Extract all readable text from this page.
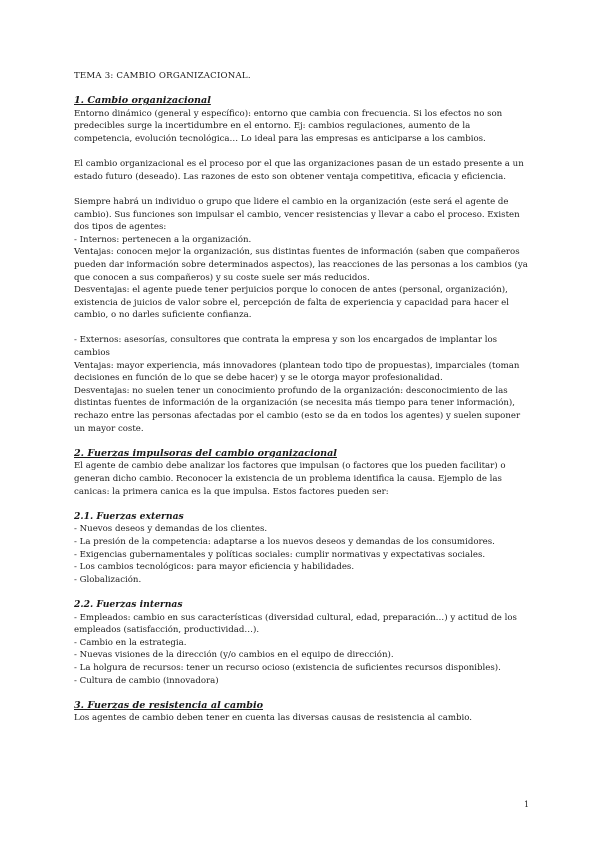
TEMA 3: CAMBIO ORGANIZACIONAL.

1. Cambio organizacional

Entorno dinámico (general y específico): entorno que cambia con frecuencia. Si los efectos no son predecibles surge la incertidumbre en el entorno. Ej: cambios regulaciones, aumento de la competencia, evolución tecnológica… Lo ideal para las empresas es anticiparse a los cambios.

El cambio organizacional es el proceso por el que las organizaciones pasan de un estado presente a un estado futuro (deseado). Las razones de esto son obtener ventaja competitiva, eficacia y eficiencia.

Siempre habrá un individuo o grupo que lidere el cambio en la organización (este será el agente de cambio). Sus funciones son impulsar el cambio, vencer resistencias y llevar a cabo el proceso. Existen dos tipos de agentes:

- Internos: pertenecen a la organización.

Ventajas: conocen mejor la organización, sus distintas fuentes de información (saben que compañeros pueden dar información sobre determinados aspectos), las reacciones de las personas a los cambios (ya que conocen a sus compañeros) y su coste suele ser más reducidos.

Desventajas: el agente puede tener perjuicios porque lo conocen de antes (personal, organización), existencia de juicios de valor sobre el, percepción de falta de experiencia y capacidad para hacer el cambio, o no darles suficiente confianza.

- Externos: asesorías, consultores que contrata la empresa y son los encargados de implantar los cambios

Ventajas: mayor experiencia, más innovadores (plantean todo tipo de propuestas), imparciales (toman decisiones en función de lo que se debe hacer) y se le otorga mayor profesionalidad.

Desventajas: no suelen tener un conocimiento profundo de la organización: desconocimiento de las distintas fuentes de información de la organización (se necesita más tiempo para tener información), rechazo entre las personas afectadas por el cambio (esto se da en todos los agentes) y suelen suponer un mayor coste.

2. Fuerzas impulsoras del cambio organizacional

El agente de cambio debe analizar los factores que impulsan (o factores que los pueden facilitar) o generan dicho cambio. Reconocer la existencia de un problema identifica la causa. Ejemplo de las canicas: la primera canica es la que impulsa. Estos factores pueden ser:

2.1. Fuerzas externas

- Nuevos deseos y demandas de los clientes.

- La presión de la competencia: adaptarse a los nuevos deseos y demandas de los consumidores.

- Exigencias gubernamentales y políticas sociales: cumplir normativas y expectativas sociales.

- Los cambios tecnológicos: para mayor eficiencia y habilidades.

- Globalización.

2.2. Fuerzas internas

- Empleados: cambio en sus características (diversidad cultural, edad, preparación…) y actitud de los empleados (satisfacción, productividad…).

- Cambio en la estrategia.

- Nuevas visiones de la dirección (y/o cambios en el equipo de dirección).

- La holgura de recursos: tener un recurso ocioso (existencia de suficientes recursos disponibles).

- Cultura de cambio (innovadora)

3. Fuerzas de resistencia al cambio

Los agentes de cambio deben tener en cuenta las diversas causas de resistencia al cambio.

1
